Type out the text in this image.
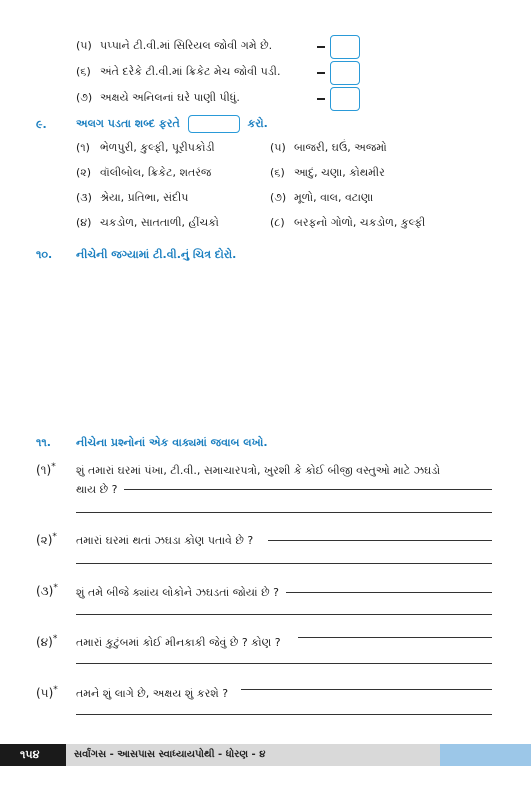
(૫) પપ્પાને ટી.વી.માં સિરિયલ જોવી ગમે છે.
(૬) અંતે દરેકે ટી.વી.માં ક્રિકેટ મેચ જોવી પડી.
(૭) અક્ષયે અનિલનાં ઘરે પાણી પીધું.
૯.	અલગ પડતા શબ્દ ફરતે	કરો.
(૧) ભેળપુરી, કુલ્ફી, પૂરીપકોડી	(૫) બાજરી, ઘઉં, અજમો
(૨) વૉલીબોલ, ક્રિકેટ, શતરંજ	(૬) આદું, ચણા, કોથમીર
(૩) શ્રેયા, પ્રતિભા, સંદીપ	(૭) મૂળો, વાલ, વટાણા
(૪) ચકડોળ, સાતતાળી, હીંચકો	(૮) બરફનો ગોળો, ચકડોળ, કુલ્ફી
૧૦. નીચેની જગ્યામાં ટી.વી.નું ચિત્ર દોરો.
૧૧. નીચેના પ્રશ્નોનાં એક વાક્યમાં જવાબ લખો.
(૧)* શું તમારાં ઘરમાં પંખા, ટી.વી., સમાચારપત્રો, ખુરશી કે કોઈ બીજી વસ્તુઓ માટે ઝઘડો
થાય છે ?
(૨)* તમારાં ઘરમાં થતાં ઝઘડા કોણ પતાવે છે ?
(૩)* શું તમે બીજે ક્યાંય લોકોને ઝઘડતાં જોયાં છે ?
(૪)* તમારાં કુટુંબમાં કોઈ મીનકાકી જેવું છે ? કોણ ?
(૫)* તમને શું લાગે છે, અક્ષય શું કરશે ?
૧૫૪	સર્વાંગસ - આસપાસ સ્વાધ્યાયપોથી - ધોરણ - ૪
